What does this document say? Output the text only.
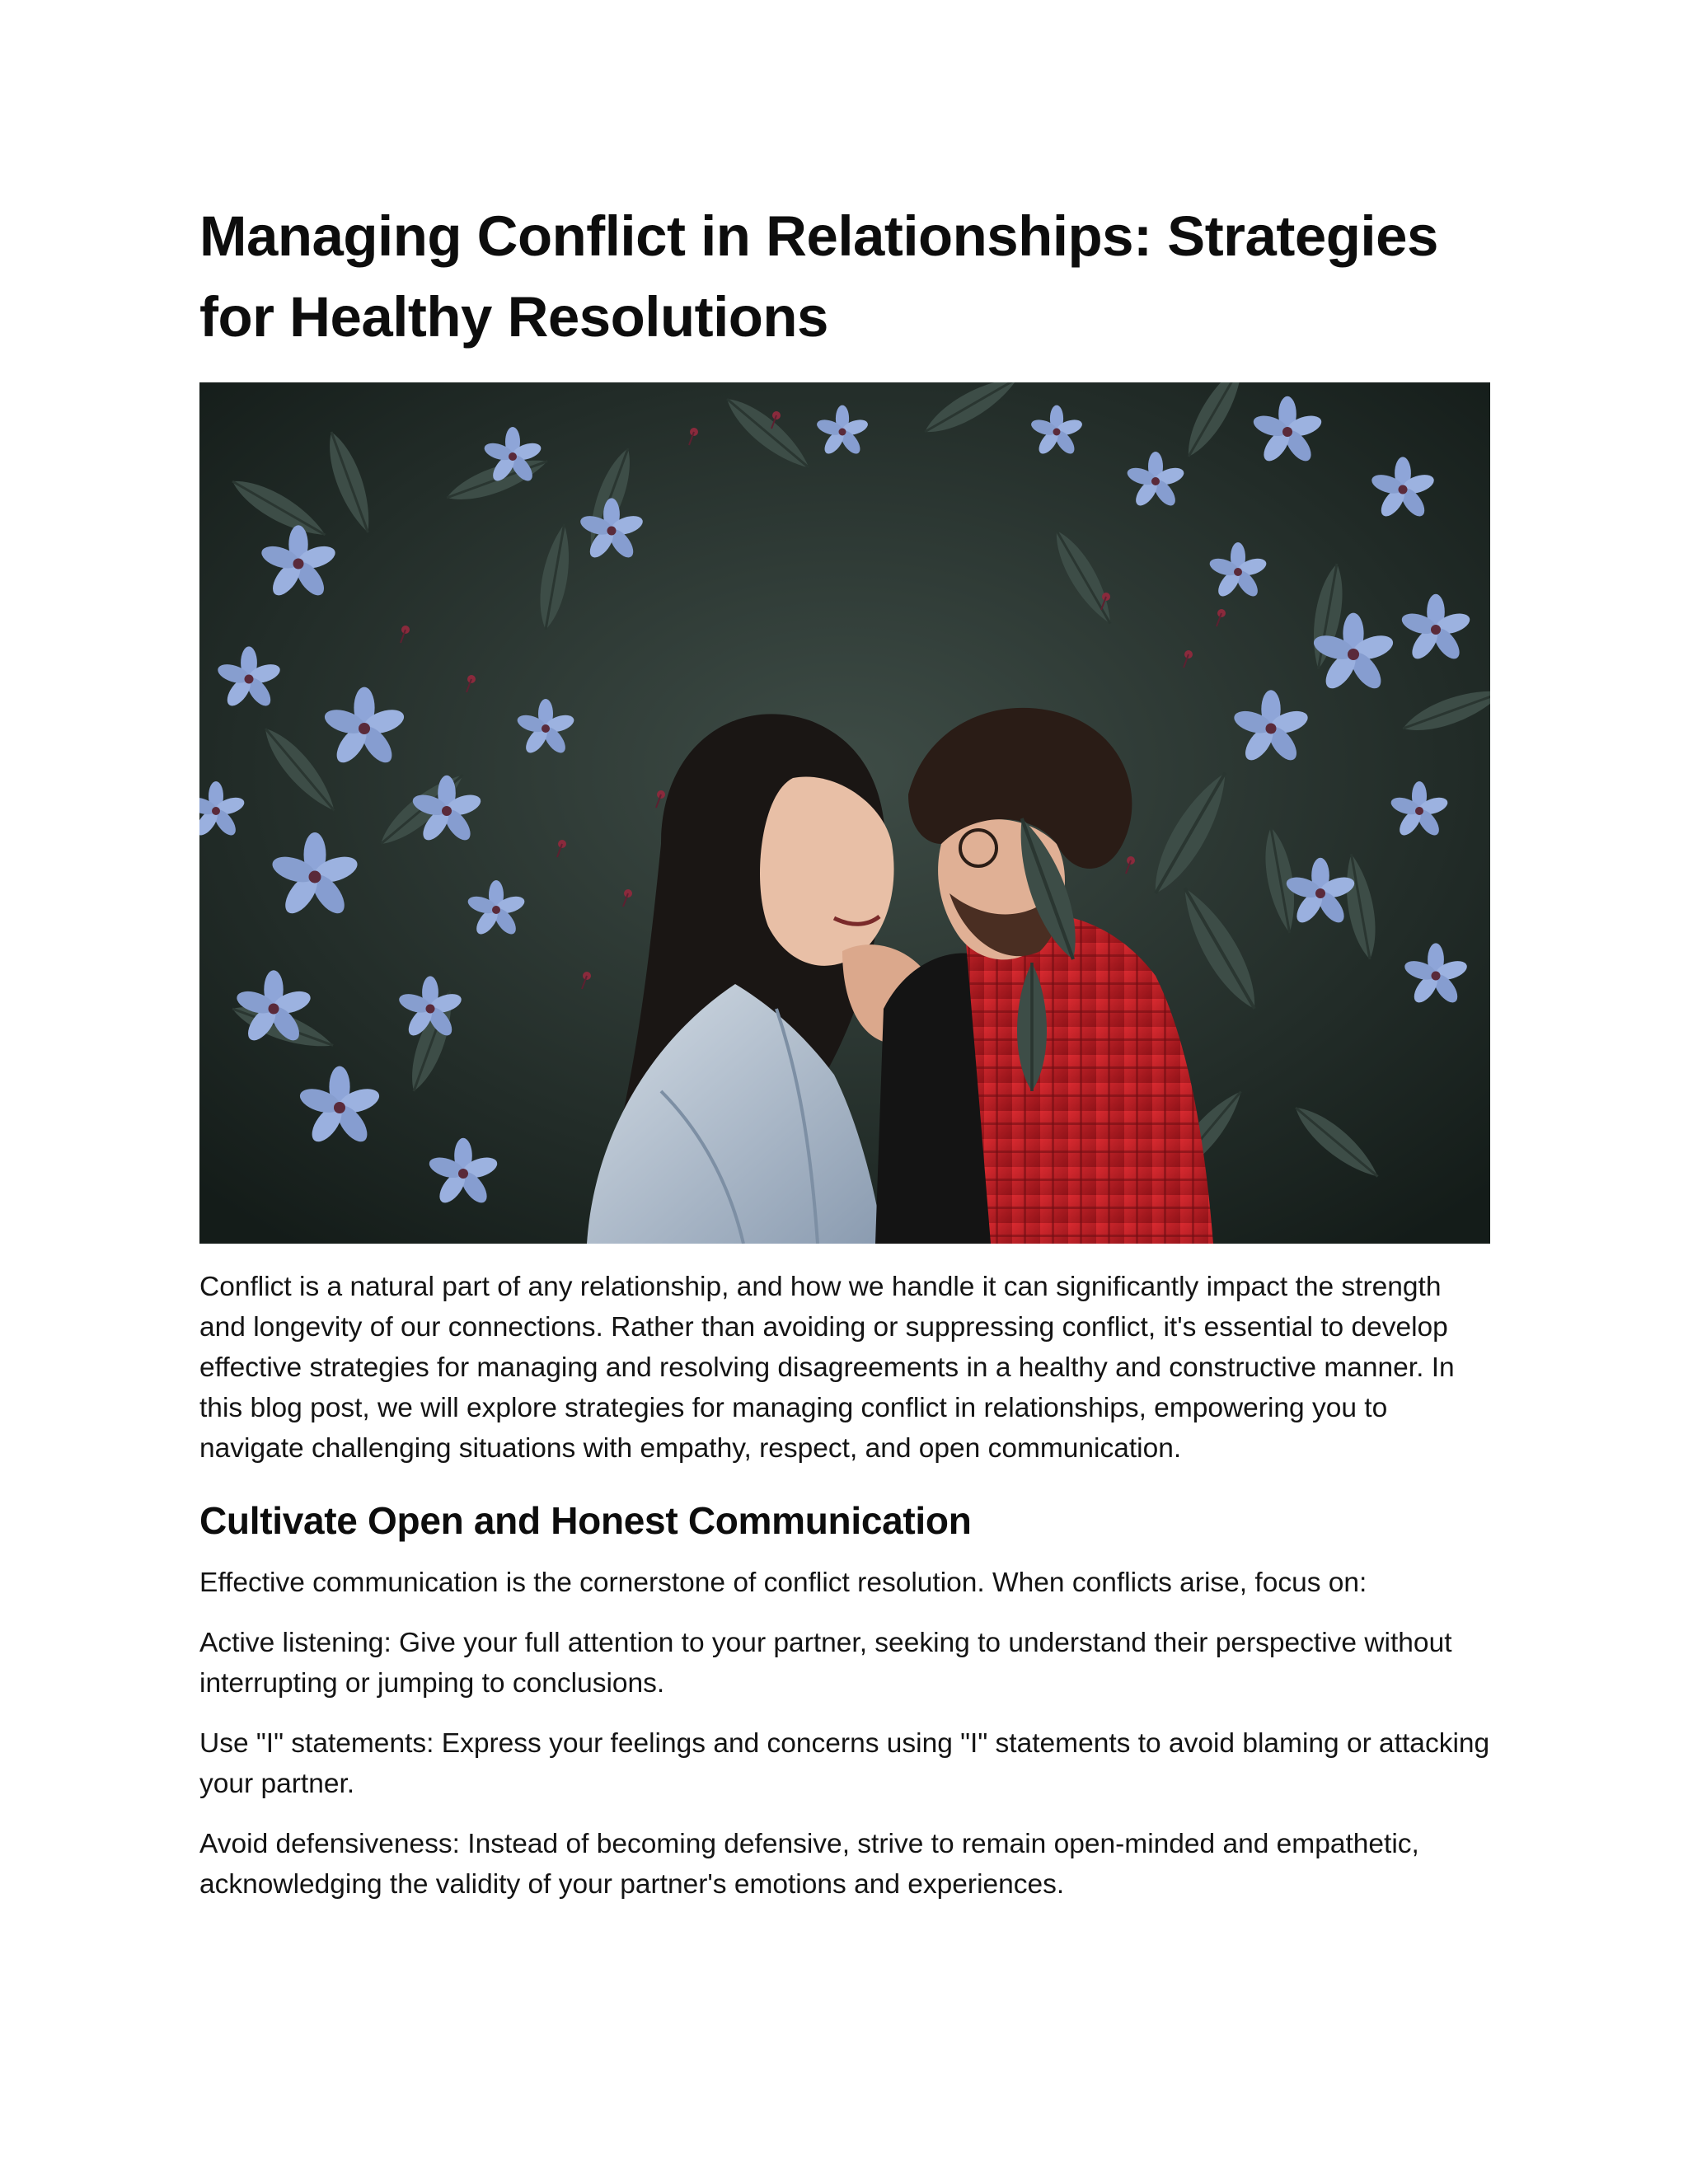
Managing Conflict in Relationships: Strategies for Healthy Resolutions

Conflict is a natural part of any relationship, and how we handle it can significantly impact the strength and longevity of our connections. Rather than avoiding or suppressing conflict, it's essential to develop effective strategies for managing and resolving disagreements in a healthy and constructive manner. In this blog post, we will explore strategies for managing conflict in relationships, empowering you to navigate challenging situations with empathy, respect, and open communication.

Cultivate Open and Honest Communication

Effective communication is the cornerstone of conflict resolution. When conflicts arise, focus on:

Active listening: Give your full attention to your partner, seeking to understand their perspective without interrupting or jumping to conclusions.

Use "I" statements: Express your feelings and concerns using "I" statements to avoid blaming or attacking your partner.

Avoid defensiveness: Instead of becoming defensive, strive to remain open-minded and empathetic, acknowledging the validity of your partner's emotions and experiences.
